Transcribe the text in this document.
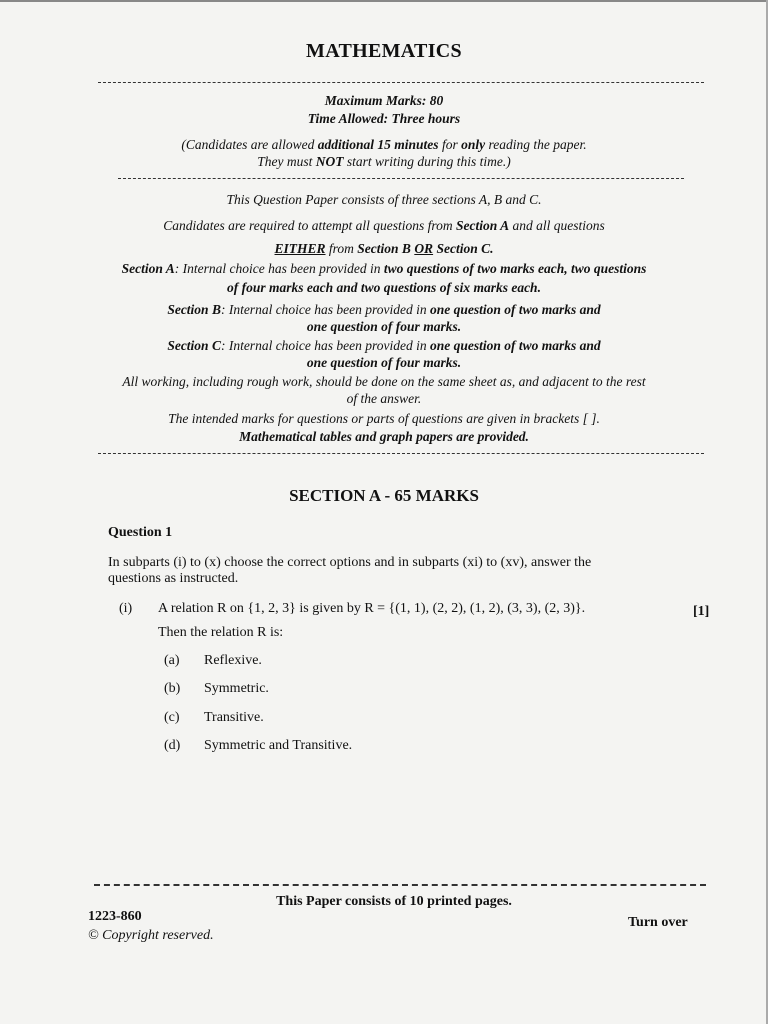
MATHEMATICS
Maximum Marks: 80
Time Allowed: Three hours
(Candidates are allowed additional 15 minutes for only reading the paper.
They must NOT start writing during this time.)
This Question Paper consists of three sections A, B and C.
Candidates are required to attempt all questions from Section A and all questions
EITHER from Section B OR Section C.
Section A: Internal choice has been provided in two questions of two marks each, two questions
of four marks each and two questions of six marks each.
Section B: Internal choice has been provided in one question of two marks and
one question of four marks.
Section C: Internal choice has been provided in one question of two marks and
one question of four marks.
All working, including rough work, should be done on the same sheet as, and adjacent to the rest
of the answer.
The intended marks for questions or parts of questions are given in brackets [ ].
Mathematical tables and graph papers are provided.
SECTION A - 65 MARKS
Question 1
In subparts (i) to (x) choose the correct options and in subparts (xi) to (xv), answer the
questions as instructed.
(i) A relation R on {1, 2, 3} is given by R = {(1, 1), (2, 2), (1, 2), (3, 3), (2, 3)}.	[1]
Then the relation R is:
(a) Reflexive.
(b) Symmetric.
(c) Transitive.
(d) Symmetric and Transitive.
This Paper consists of 10 printed pages.
1223-860
© Copyright reserved.
Turn over
